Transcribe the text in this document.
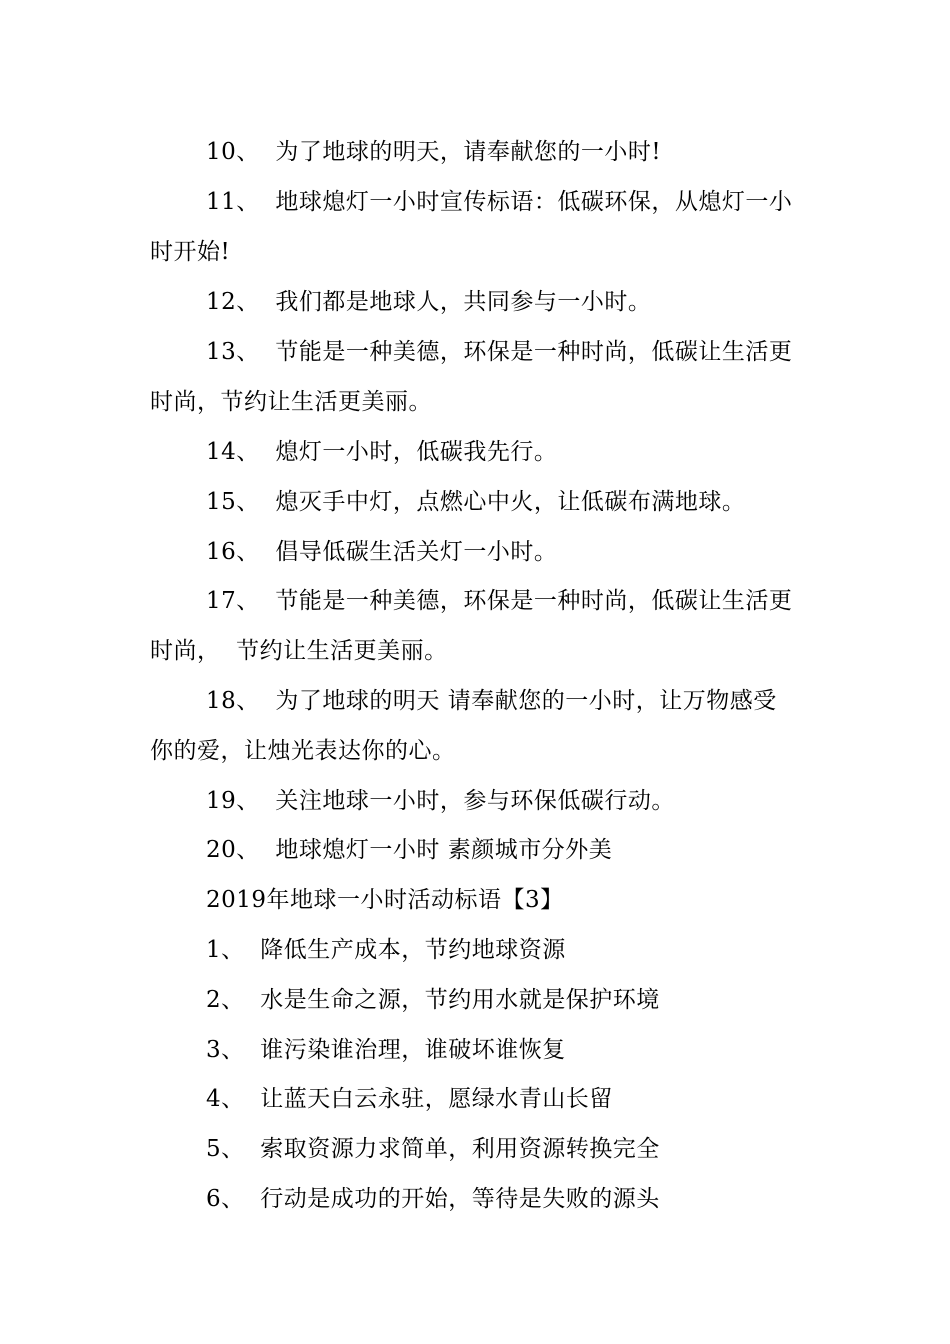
10、 为了地球的明天，请奉献您的一小时!
11、 地球熄灯一小时宣传标语：低碳环保，从熄灯一小
时开始!
12、 我们都是地球人，共同参与一小时。
13、 节能是一种美德，环保是一种时尚，低碳让生活更
时尚，节约让生活更美丽。
14、 熄灯一小时，低碳我先行。
15、 熄灭手中灯，点燃心中火，让低碳布满地球。
16、 倡导低碳生活关灯一小时。
17、 节能是一种美德，环保是一种时尚，低碳让生活更
时尚，  节约让生活更美丽。
18、 为了地球的明天 请奉献您的一小时，让万物感受
你的爱，让烛光表达你的心。
19、 关注地球一小时，参与环保低碳行动。
20、 地球熄灯一小时 素颜城市分外美
2019年地球一小时活动标语【3】
1、 降低生产成本，节约地球资源
2、 水是生命之源，节约用水就是保护环境
3、 谁污染谁治理，谁破坏谁恢复
4、 让蓝天白云永驻，愿绿水青山长留
5、 索取资源力求简单，利用资源转换完全
6、 行动是成功的开始，等待是失败的源头
